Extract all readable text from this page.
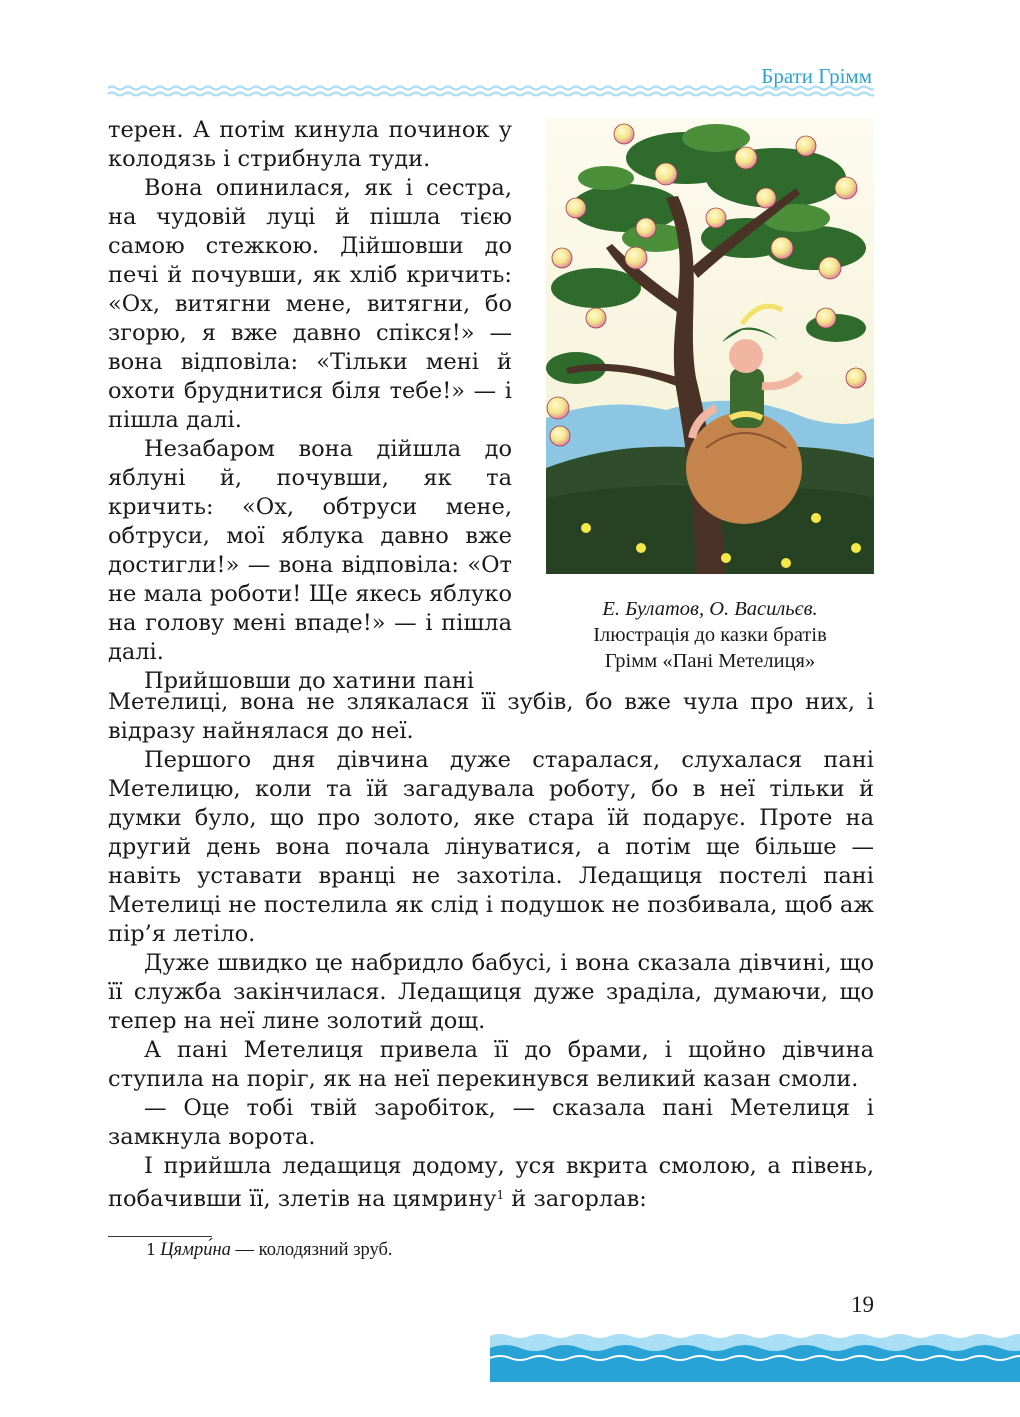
Брати Грімм

терен. А потім кинула починок у колодязь і стрибнула туди.

Вона опинилася, як і сестра, на чудовій луці й пішла тією самою стежкою. Дійшовши до печі й почувши, як хліб кричить: «Ох, витягни мене, витягни, бо згорю, я вже давно спікся!» — вона відповіла: «Тільки мені й охоти бруднитися біля тебе!» — і пішла далі.

Незабаром вона дійшла до яблуні й, почувши, як та кричить: «Ох, обтруси мене, обтруси, мої яблука давно вже достигли!» — вона відповіла: «От не мала роботи! Ще якесь яблуко на голову мені впаде!» — і пішла далі.

Прийшовши до хатини пані

Е. Булатов, О. Васильєв.
Ілюстрація до казки братів
Грімм «Пані Метелиця»

Метелиці, вона не злякалася її зубів, бо вже чула про них, і відразу найнялася до неї.

Першого дня дівчина дуже старалася, слухалася пані Метелицю, коли та їй загадувала роботу, бо в неї тільки й думки було, що про золото, яке стара їй подарує. Проте на другий день вона почала лінуватися, а потім ще більше — навіть уставати вранці не захотіла. Ледащиця постелі пані Метелиці не постелила як слід і подушок не позбивала, щоб аж пір’я летіло.

Дуже швидко це набридло бабусі, і вона сказала дівчині, що її служба закінчилася. Ледащиця дуже зраділа, думаючи, що тепер на неї лине золотий дощ.

А пані Метелиця привела її до брами, і щойно дівчина ступила на поріг, як на неї перекинувся великий казан смоли.

— Оце тобі твій заробіток, — сказала пані Метелиця і замкнула ворота.

І прийшла ледащиця додому, уся вкрита смолою, а півень, побачивши її, злетів на цямрину$^1$ й загорлав:

1 Цямри́на — колодязний зруб.
19
